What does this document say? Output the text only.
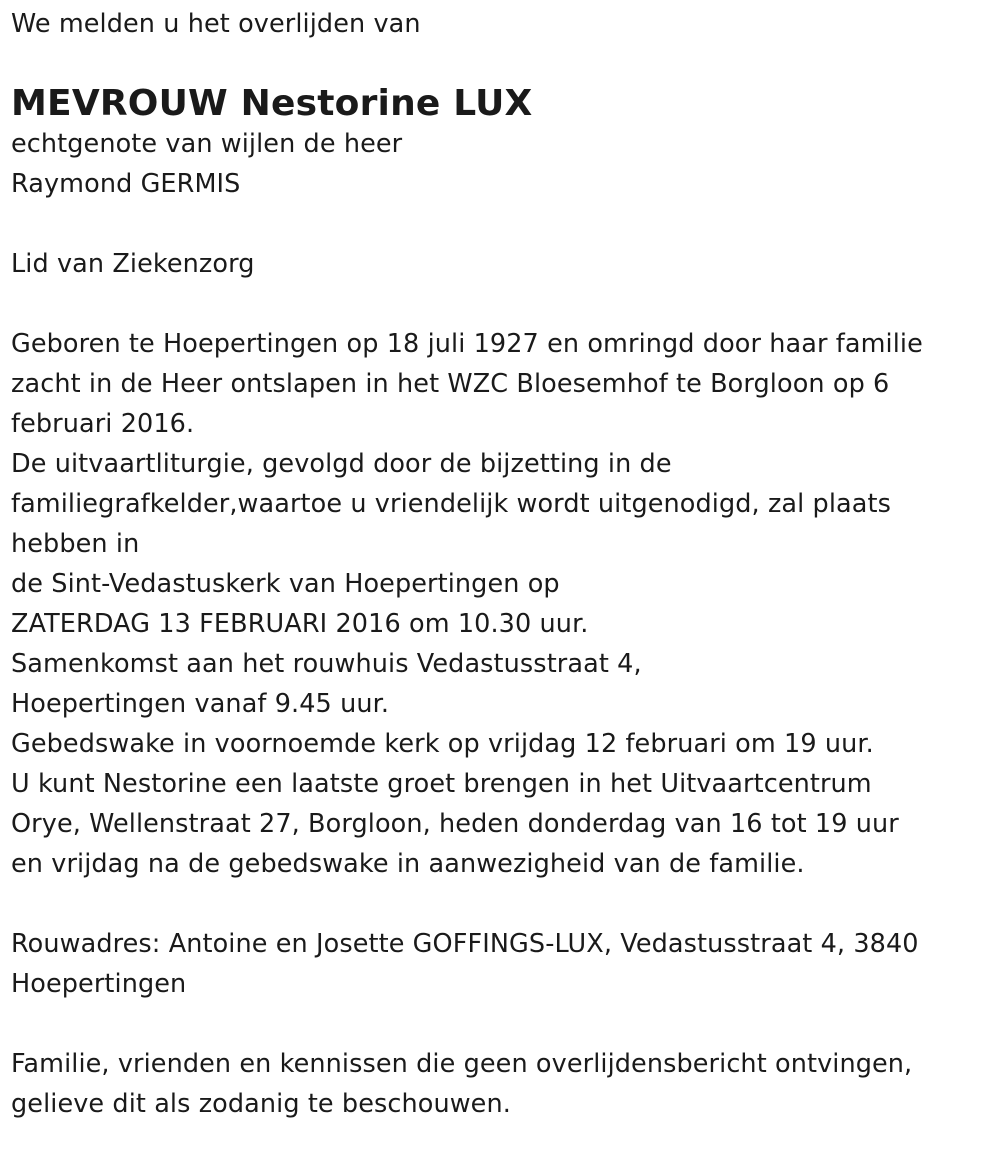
We melden u het overlijden van
MEVROUW Nestorine LUX
echtgenote van wijlen de heer
Raymond GERMIS
Lid van Ziekenzorg
Geboren te Hoepertingen op 18 juli 1927 en omringd door haar familie
zacht in de Heer ontslapen in het WZC Bloesemhof te Borgloon op 6
februari 2016.
De uitvaartliturgie, gevolgd door de bijzetting in de
familiegrafkelder,waartoe u vriendelijk wordt uitgenodigd, zal plaats
hebben in
de Sint-Vedastuskerk van Hoepertingen op
ZATERDAG 13 FEBRUARI 2016 om 10.30 uur.
Samenkomst aan het rouwhuis Vedastusstraat 4,
Hoepertingen vanaf 9.45 uur.
Gebedswake in voornoemde kerk op vrijdag 12 februari om 19 uur.
U kunt Nestorine een laatste groet brengen in het Uitvaartcentrum
Orye, Wellenstraat 27, Borgloon, heden donderdag van 16 tot 19 uur
en vrijdag na de gebedswake in aanwezigheid van de familie.
Rouwadres: Antoine en Josette GOFFINGS-LUX, Vedastusstraat 4, 3840
Hoepertingen
Familie, vrienden en kennissen die geen overlijdensbericht ontvingen,
gelieve dit als zodanig te beschouwen.
